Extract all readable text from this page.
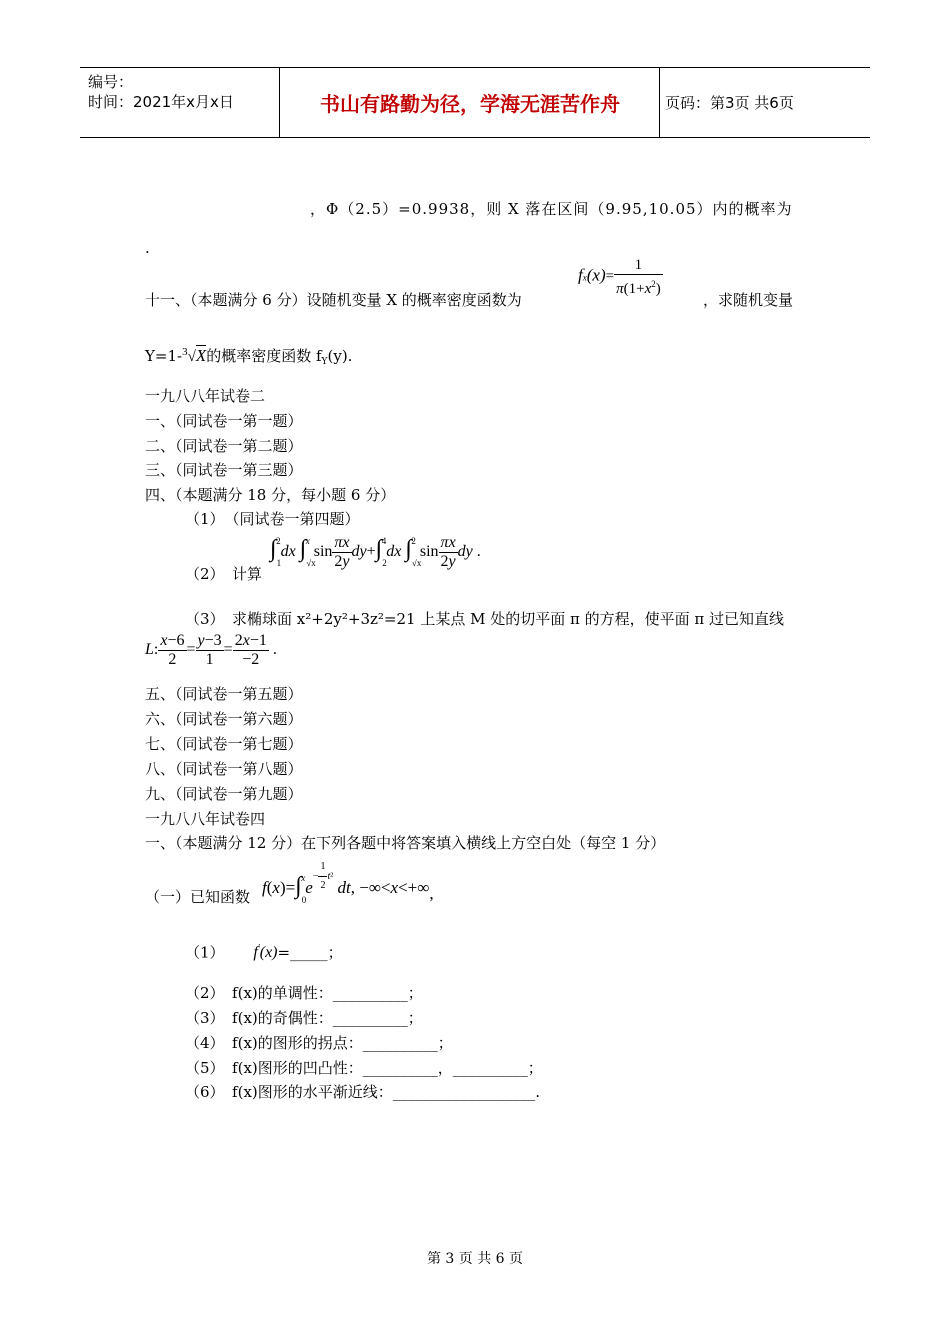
编号：
时间：2021年x月x日	书山有路勤为径，学海无涯苦作舟	页码：第3页 共6页
，Φ（2.5）=0.9938，则 X 落在区间（9.95,10.05）内的概率为
.
十一、（本题满分 6 分）设随机变量 X 的概率密度函数为
$fx(x)= \frac{1}{\pi(1+x^2)}$
，求随机变量
Y=1-$^3$√X的概率密度函数 $f_Y(y)$.
一九八八年试卷二
一、（同试卷一第一题）
二、（同试卷一第二题）
三、（同试卷一第三题）
四、（本题满分 18 分，每小题 6 分）
（1）　（同试卷一第四题）
（2）　计算
$\int_1^2dx$ $\int_{√x}^x$ $\sin \frac{\pi x}{2y} dy+\int_2^4dx$ $\int_{√x}^2$ $\sin \frac{\pi x}{2y}$ dy .
（3）　求椭球面 x²+2y²+3z²=21 上某点 M 处的切平面 π 的方程，使平面 π 过已知直线
L: $\frac{x-6}{2} = \frac{y-3}{1} = \frac{2x-1}{-2}$ .
五、（同试卷一第五题）
六、（同试卷一第六题）
七、（同试卷一第七题）
八、（同试卷一第八题）
九、（同试卷一第九题）
一九八八年试卷四
一、（本题满分 12 分）在下列各题中将答案填入横线上方空白处（每空 1 分）
（一）已知函数
$f(x)=\int_0^xe^{- \frac{1}{2} t^2}$ dt, −∞<x<+∞,
（1） f′(x)=_____；
（2）　f(x)的单调性：__________；
（3）　f(x)的奇偶性：__________；
（4）　f(x)的图形的拐点：__________；
（5）　f(x)图形的凹凸性：__________，__________；
（6）　f(x)图形的水平渐近线：___________________.
第 3 页 共 6 页
